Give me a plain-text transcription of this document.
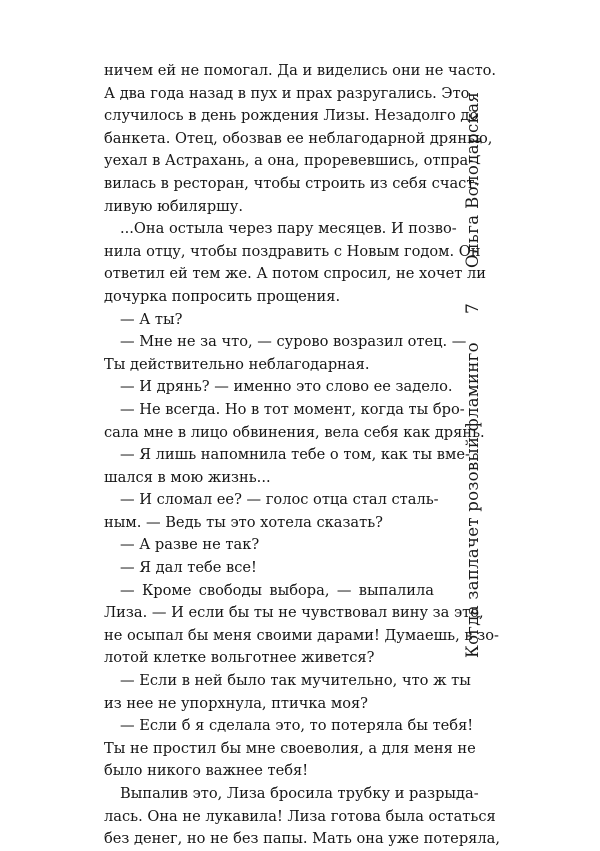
ничем ей не помогал. Да и виделись они не часто.
А два года назад в пух и прах разругались. Это
случилось в день рождения Лизы. Незадолго до
банкета. Отец, обозвав ее неблагодарной дрянью,
уехал в Астрахань, а она, проревевшись, отпра-
вилась в ресторан, чтобы строить из себя счаст-
ливую юбиляршу.

...Она остыла через пару месяцев. И позво-
нила отцу, чтобы поздравить с Новым годом. Он
ответил ей тем же. А потом спросил, не хочет ли
дочурка попросить прощения.

— А ты?

— Мне не за что, — сурово возразил отец. —
Ты действительно неблагодарная.

— И дрянь? — именно это слово ее задело.

— Не всегда. Но в тот момент, когда ты бро-
сала мне в лицо обвинения, вела себя как дрянь.

— Я лишь напомнила тебе о том, как ты вме-
шался в мою жизнь...

— И сломал ее? — голос отца стал сталь-
ным. — Ведь ты это хотела сказать?

— А разве не так?

— Я дал тебе все!

— Кроме свободы выбора, — выпалила
Лиза. — И если бы ты не чувствовал вину за это,
не осыпал бы меня своими дарами! Думаешь, в зо-
лотой клетке вольготнее живется?

— Если в ней было так мучительно, что ж ты
из нее не упорхнула, птичка моя?

— Если б я сделала это, то потеряла бы тебя!
Ты не простил бы мне своеволия, а для меня не
было никого важнее тебя!

Выпалив это, Лиза бросила трубку и разрыда-
лась. Она не лукавила! Лиза готова была остаться
без денег, но не без папы. Мать она уже потеряла,

Ольга Володарская
7
Когда заплачет розовый фламинго
